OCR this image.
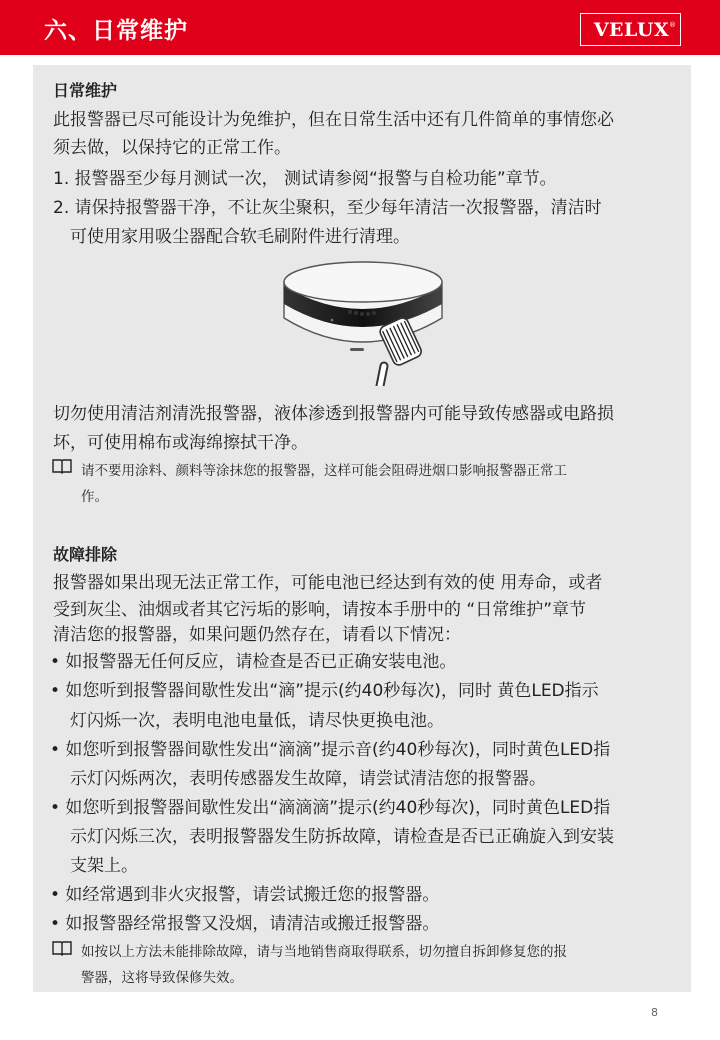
六、日常维护	VELUX ®
日常维护
此报警器已尽可能设计为免维护，但在日常生活中还有几件简单的事情您必
须去做，以保持它的正常工作。
1. 报警器至少每月测试一次， 测试请参阅“报警与自检功能”章节。
2. 请保持报警器干净，不让灰尘聚积，至少每年清洁一次报警器，清洁时
可使用家用吸尘器配合软毛刷附件进行清理。
切勿使用清洁剂清洗报警器，液体渗透到报警器内可能导致传感器或电路损
坏，可使用棉布或海绵擦拭干净。
请不要用涂料、颜料等涂抹您的报警器，这样可能会阻碍进烟口影响报警器正常工
作。
故障排除
报警器如果出现无法正常工作，可能电池已经达到有效的使 用寿命，或者
受到灰尘、油烟或者其它污垢的影响，请按本手册中的 “日常维护”章节
清洁您的报警器，如果问题仍然存在，请看以下情况：
• 如报警器无任何反应，请检查是否已正确安装电池。
• 如您听到报警器间歇性发出“滴”提示(约40秒每次)，同时 黄色LED指示
灯闪烁一次，表明电池电量低，请尽快更换电池。
• 如您听到报警器间歇性发出“滴滴”提示音(约40秒每次)，同时黄色LED指
示灯闪烁两次，表明传感器发生故障，请尝试清洁您的报警器。
• 如您听到报警器间歇性发出“滴滴滴”提示(约40秒每次)，同时黄色LED指
示灯闪烁三次，表明报警器发生防拆故障，请检查是否已正确旋入到安装
支架上。
• 如经常遇到非火灾报警，请尝试搬迁您的报警器。
• 如报警器经常报警又没烟，请清洁或搬迁报警器。
如按以上方法未能排除故障，请与当地销售商取得联系，切勿擅自拆卸修复您的报
警器，这将导致保修失效。
8
